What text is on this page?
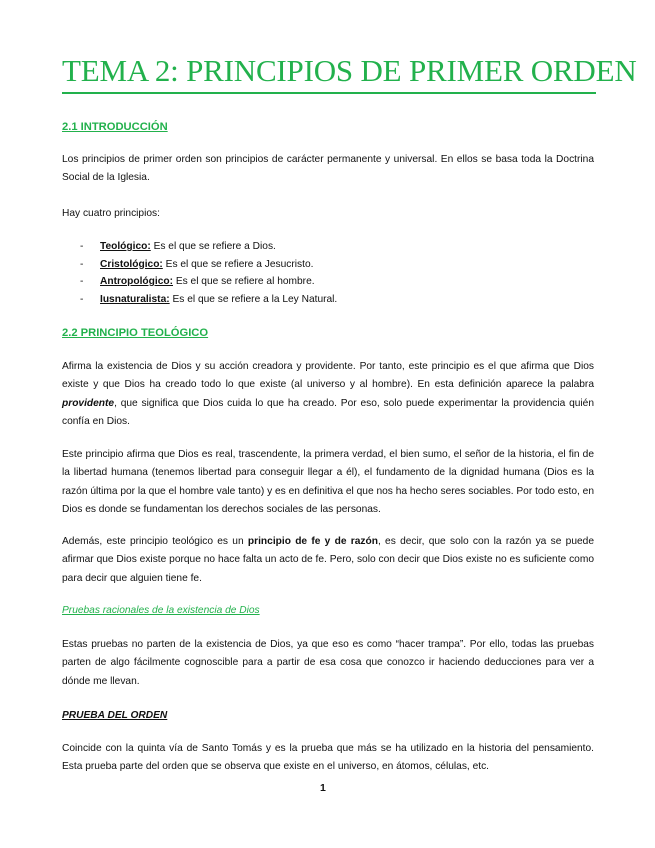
TEMA 2: PRINCIPIOS DE PRIMER ORDEN
2.1 INTRODUCCIÓN
Los principios de primer orden son principios de carácter permanente y universal. En ellos se basa toda la Doctrina Social de la Iglesia.
Hay cuatro principios:
-	Teológico: Es el que se refiere a Dios.
-	Cristológico: Es el que se refiere a Jesucristo.
-	Antropológico: Es el que se refiere al hombre.
-	Iusnaturalista: Es el que se refiere a la Ley Natural.
2.2 PRINCIPIO TEOLÓGICO
Afirma la existencia de Dios y su acción creadora y providente. Por tanto, este principio es el que afirma que Dios existe y que Dios ha creado todo lo que existe (al universo y al hombre). En esta definición aparece la palabra providente, que significa que Dios cuida lo que ha creado. Por eso, solo puede experimentar la providencia quién confía en Dios.
Este principio afirma que Dios es real, trascendente, la primera verdad, el bien sumo, el señor de la historia, el fin de la libertad humana (tenemos libertad para conseguir llegar a él), el fundamento de la dignidad humana (Dios es la razón última por la que el hombre vale tanto) y es en definitiva el que nos ha hecho seres sociables. Por todo esto, en Dios es donde se fundamentan los derechos sociales de las personas.
Además, este principio teológico es un principio de fe y de razón, es decir, que solo con la razón ya se puede afirmar que Dios existe porque no hace falta un acto de fe. Pero, solo con decir que Dios existe no es suficiente como para decir que alguien tiene fe.
Pruebas racionales de la existencia de Dios
Estas pruebas no parten de la existencia de Dios, ya que eso es como “hacer trampa”. Por ello, todas las pruebas parten de algo fácilmente cognoscible para a partir de esa cosa que conozco ir haciendo deducciones para ver a dónde me llevan.
PRUEBA DEL ORDEN
Coincide con la quinta vía de Santo Tomás y es la prueba que más se ha utilizado en la historia del pensamiento. Esta prueba parte del orden que se observa que existe en el universo, en átomos, células, etc.
1
